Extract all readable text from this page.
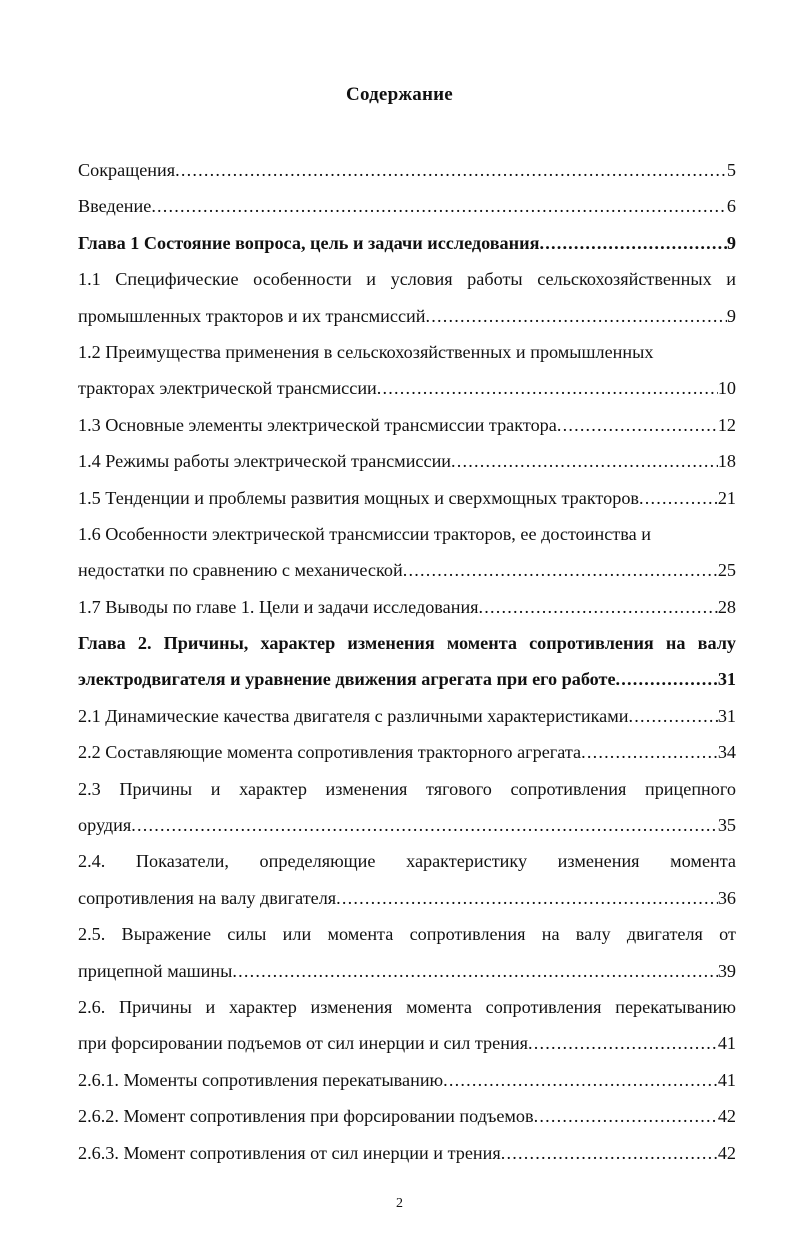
Содержание
Сокращения .....	5
Введение .....	6
Глава 1 Состояние вопроса, цель и задачи исследования .....	9
1.1 Специфические особенности и условия работы сельскохозяйственных и
промышленных тракторов и их трансмиссий .....	9
1.2 Преимущества применения в сельскохозяйственных и промышленных
тракторах электрической трансмиссии .....	10
1.3 Основные элементы электрической трансмиссии трактора .....	12
1.4 Режимы работы электрической трансмиссии .....	18
1.5 Тенденции и проблемы развития мощных и сверхмощных тракторов .....	21
1.6 Особенности электрической трансмиссии тракторов, ее достоинства и
недостатки по сравнению с механической .....	25
1.7 Выводы по главе 1. Цели и задачи исследования .....	28
Глава 2. Причины, характер изменения момента сопротивления на валу
электродвигателя и уравнение движения агрегата при его работе .....	31
2.1 Динамические качества двигателя с различными характеристиками .....	31
2.2 Составляющие момента сопротивления тракторного агрегата .....	34
2.3 Причины и характер изменения тягового сопротивления прицепного
орудия .....	35
2.4. Показатели, определяющие характеристику изменения момента
сопротивления на валу двигателя .....	36
2.5. Выражение силы или момента сопротивления на валу двигателя от
прицепной машины .....	39
2.6. Причины и характер изменения момента сопротивления перекатыванию
при форсировании подъемов от сил инерции и сил трения .....	41
2.6.1. Моменты сопротивления перекатыванию .....	41
2.6.2. Момент сопротивления при форсировании подъемов .....	42
2.6.3. Момент сопротивления от сил инерции и трения .....	42
2
